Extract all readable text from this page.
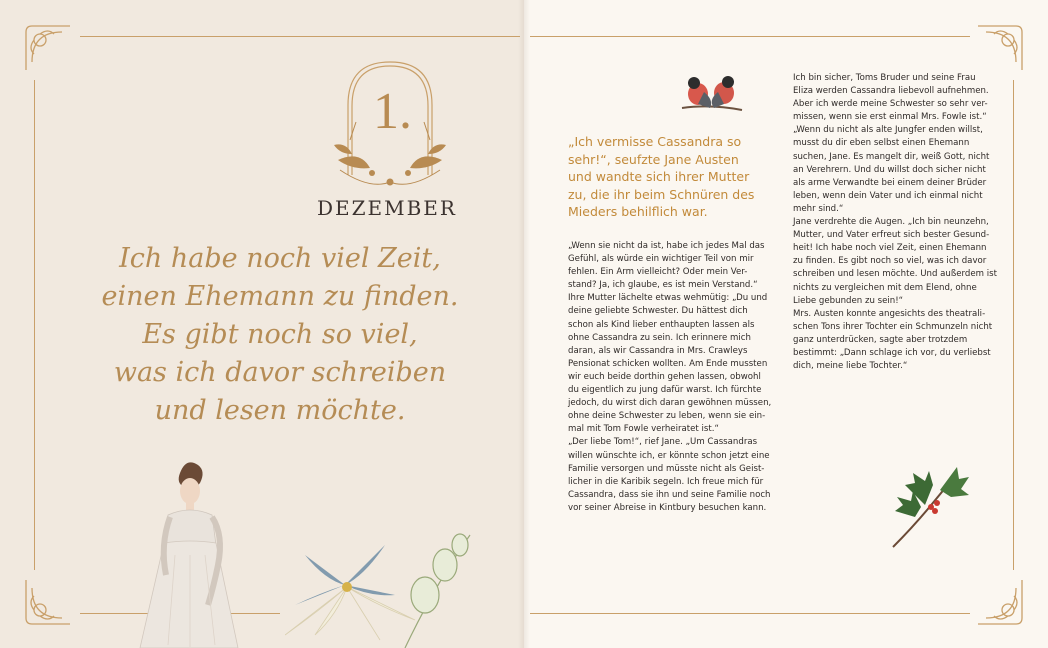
1.
DEZEMBER
Ich habe noch viel Zeit,
einen Ehemann zu finden.
Es gibt noch so viel,
was ich davor schreiben
und lesen möchte.
„Ich vermisse Cassandra so
sehr!“, seufzte Jane Austen
und wandte sich ihrer Mutter
zu, die ihr beim Schnüren des
Mieders behilflich war.

„Wenn sie nicht da ist, habe ich jedes Mal das

Gefühl, als würde ein wichtiger Teil von mir

fehlen. Ein Arm vielleicht? Oder mein Ver-

stand? Ja, ich glaube, es ist mein Verstand.“

Ihre Mutter lächelte etwas wehmütig: „Du und

deine geliebte Schwester. Du hättest dich

schon als Kind lieber enthaupten lassen als

ohne Cassandra zu sein. Ich erinnere mich

daran, als wir Cassandra in Mrs. Crawleys

Pensionat schicken wollten. Am Ende mussten

wir euch beide dorthin gehen lassen, obwohl

du eigentlich zu jung dafür warst. Ich fürchte

jedoch, du wirst dich daran gewöhnen müssen,

ohne deine Schwester zu leben, wenn sie ein-

mal mit Tom Fowle verheiratet ist.“

„Der liebe Tom!“, rief Jane. „Um Cassandras

willen wünschte ich, er könnte schon jetzt eine

Familie versorgen und müsste nicht als Geist-

licher in die Karibik segeln. Ich freue mich für

Cassandra, dass sie ihn und seine Familie noch

vor seiner Abreise in Kintbury besuchen kann.

Ich bin sicher, Toms Bruder und seine Frau

Eliza werden Cassandra liebevoll aufnehmen.

Aber ich werde meine Schwester so sehr ver-

missen, wenn sie erst einmal Mrs. Fowle ist.“

„Wenn du nicht als alte Jungfer enden willst,

musst du dir eben selbst einen Ehemann

suchen, Jane. Es mangelt dir, weiß Gott, nicht

an Verehrern. Und du willst doch sicher nicht

als arme Verwandte bei einem deiner Brüder

leben, wenn dein Vater und ich einmal nicht

mehr sind.“

Jane verdrehte die Augen. „Ich bin neunzehn,

Mutter, und Vater erfreut sich bester Gesund-

heit! Ich habe noch viel Zeit, einen Ehemann

zu finden. Es gibt noch so viel, was ich davor

schreiben und lesen möchte. Und außerdem ist

nichts zu vergleichen mit dem Elend, ohne

Liebe gebunden zu sein!“

Mrs. Austen konnte angesichts des theatrali-

schen Tons ihrer Tochter ein Schmunzeln nicht

ganz unterdrücken, sagte aber trotzdem

bestimmt: „Dann schlage ich vor, du verliebst

dich, meine liebe Tochter.“
